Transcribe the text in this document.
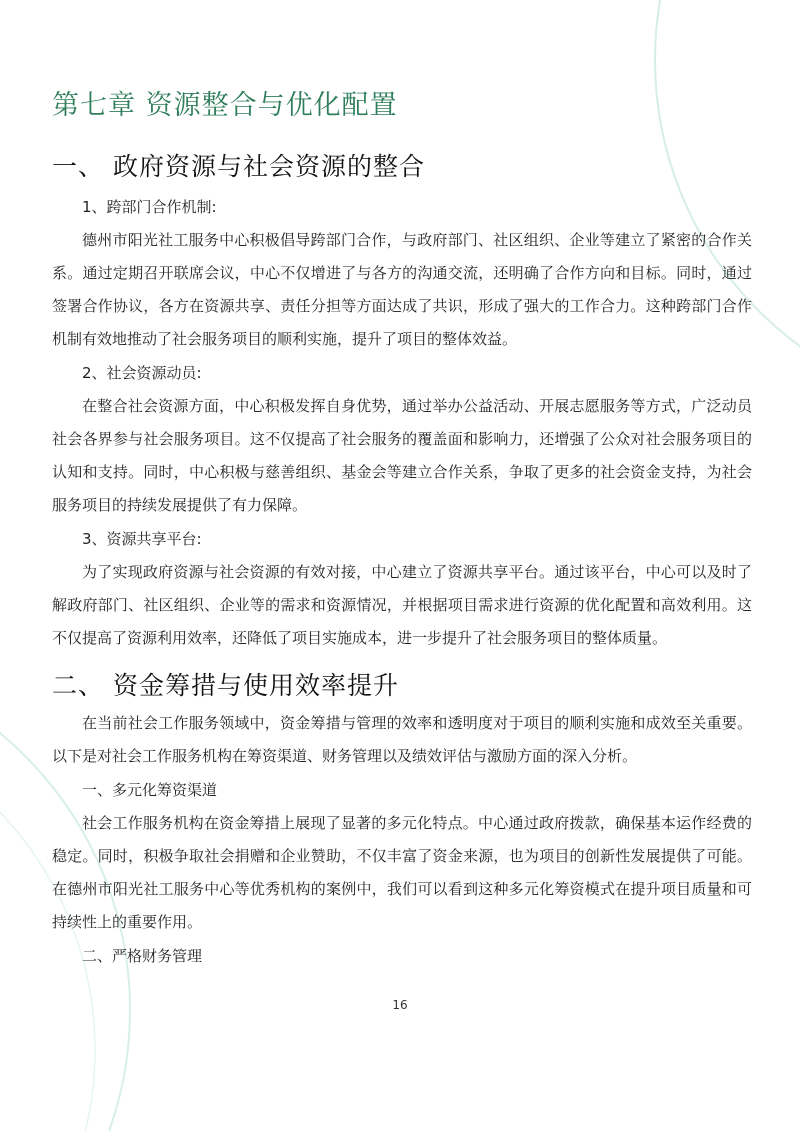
第七章 资源整合与优化配置
一、 政府资源与社会资源的整合

1、跨部门合作机制:

德州市阳光社工服务中心积极倡导跨部门合作，与政府部门、社区组织、企业等建立了紧密的合作关系。通过定期召开联席会议，中心不仅增进了与各方的沟通交流，还明确了合作方向和目标。同时，通过签署合作协议，各方在资源共享、责任分担等方面达成了共识，形成了强大的工作合力。这种跨部门合作机制有效地推动了社会服务项目的顺利实施，提升了项目的整体效益。

2、社会资源动员:

在整合社会资源方面，中心积极发挥自身优势，通过举办公益活动、开展志愿服务等方式，广泛动员社会各界参与社会服务项目。这不仅提高了社会服务的覆盖面和影响力，还增强了公众对社会服务项目的认知和支持。同时，中心积极与慈善组织、基金会等建立合作关系，争取了更多的社会资金支持，为社会服务项目的持续发展提供了有力保障。

3、资源共享平台:

为了实现政府资源与社会资源的有效对接，中心建立了资源共享平台。通过该平台，中心可以及时了解政府部门、社区组织、企业等的需求和资源情况，并根据项目需求进行资源的优化配置和高效利用。这不仅提高了资源利用效率，还降低了项目实施成本，进一步提升了社会服务项目的整体质量。

二、 资金筹措与使用效率提升

在当前社会工作服务领域中，资金筹措与管理的效率和透明度对于项目的顺利实施和成效至关重要。以下是对社会工作服务机构在筹资渠道、财务管理以及绩效评估与激励方面的深入分析。

一、多元化筹资渠道

社会工作服务机构在资金筹措上展现了显著的多元化特点。中心通过政府拨款，确保基本运作经费的稳定。同时，积极争取社会捐赠和企业赞助，不仅丰富了资金来源，也为项目的创新性发展提供了可能。在德州市阳光社工服务中心等优秀机构的案例中，我们可以看到这种多元化筹资模式在提升项目质量和可持续性上的重要作用。

二、严格财务管理

16
